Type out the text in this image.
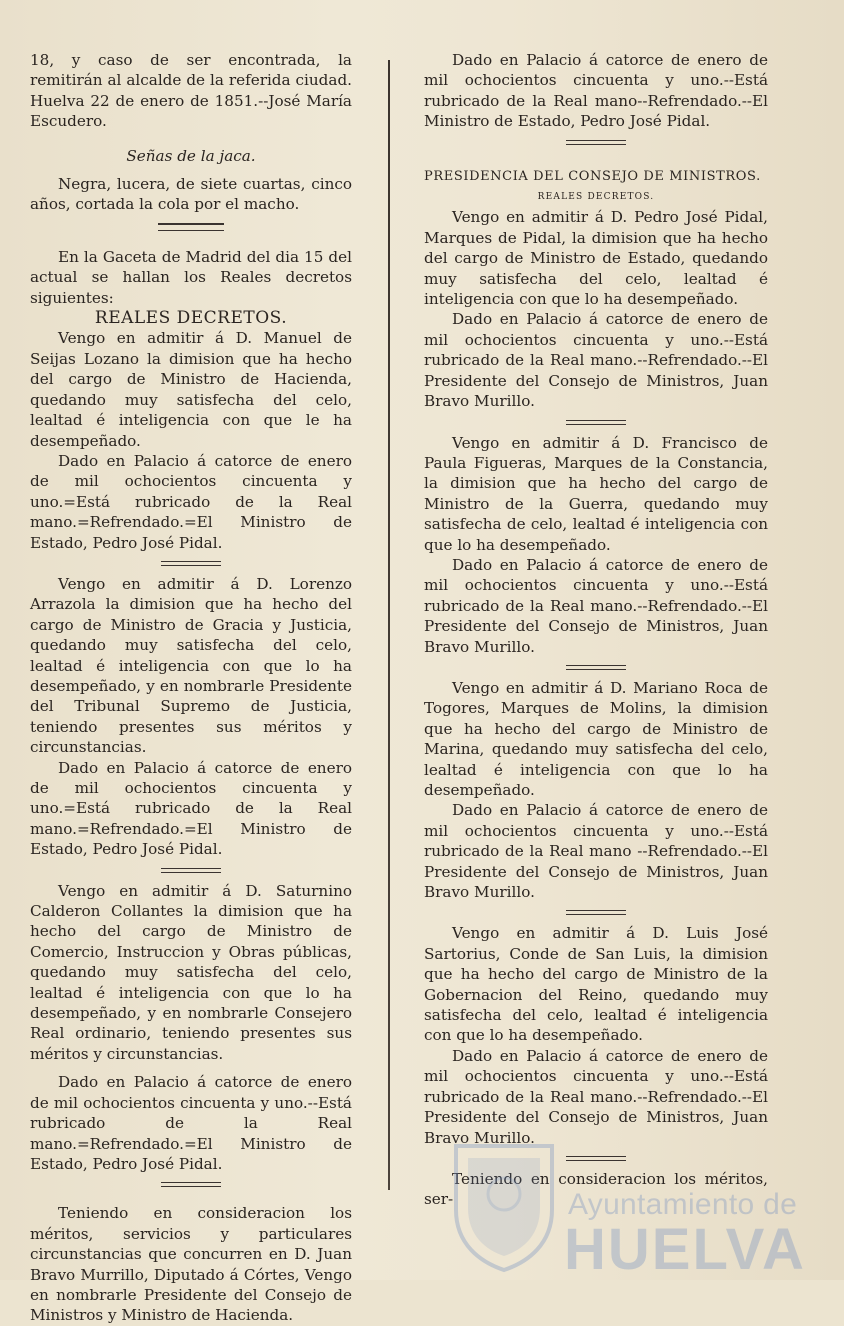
18, y caso de ser encontrada, la remitirán al alcalde de la referida ciudad. Huelva 22 de enero de 1851.--José María Escudero.

Señas de la jaca.

Negra, lucera, de siete cuartas, cinco años, cortada la cola por el macho.

En la Gaceta de Madrid del dia 15 del actual se hallan los Reales decretos siguientes:

REALES DECRETOS.

Vengo en admitir á D. Manuel de Seijas Lozano la dimision que ha hecho del cargo de Ministro de Hacienda, quedando muy satisfecha del celo, lealtad é inteligencia con que le ha desempeñado.

Dado en Palacio á catorce de enero de mil ochocientos cincuenta y uno.=Está rubricado de la Real mano.=Refrendado.=El Ministro de Estado, Pedro José Pidal.

Vengo en admitir á D. Lorenzo Arrazola la dimision que ha hecho del cargo de Ministro de Gracia y Justicia, quedando muy satisfecha del celo, lealtad é inteligencia con que lo ha desempeñado, y en nombrarle Presidente del Tribunal Supremo de Justicia, teniendo presentes sus méritos y circunstancias.

Dado en Palacio á catorce de enero de mil ochocientos cincuenta y uno.=Está rubricado de la Real mano.=Refrendado.=El Ministro de Estado, Pedro José Pidal.

Vengo en admitir á D. Saturnino Calderon Collantes la dimision que ha hecho del cargo de Ministro de Comercio, Instruccion y Obras públicas, quedando muy satisfecha del celo, lealtad é inteligencia con que lo ha desempeñado, y en nombrarle Consejero Real ordinario, teniendo presentes sus méritos y circunstancias.

Dado en Palacio á catorce de enero de mil ochocientos cincuenta y uno.--Está rubricado de la Real mano.=Refrendado.=El Ministro de Estado, Pedro José Pidal.

Teniendo en consideracion los méritos, servicios y particulares circunstancias que concurren en D. Juan Bravo Murrillo, Diputado á Córtes, Vengo en nombrarle Presidente del Consejo de Ministros y Ministro de Hacienda.

Dado en Palacio á catorce de enero de mil ochocientos cincuenta y uno.--Está rubricado de la Real mano--Refrendado.--El Ministro de Estado, Pedro José Pidal.

PRESIDENCIA DEL CONSEJO DE MINISTROS.

REALES DECRETOS.

Vengo en admitir á D. Pedro José Pidal, Marques de Pidal, la dimision que ha hecho del cargo de Ministro de Estado, quedando muy satisfecha del celo, lealtad é inteligencia con que lo ha desempeñado.

Dado en Palacio á catorce de enero de mil ochocientos cincuenta y uno.--Está rubricado de la Real mano.--Refrendado.--El Presidente del Consejo de Ministros, Juan Bravo Murillo.

Vengo en admitir á D. Francisco de Paula Figueras, Marques de la Constancia, la dimision que ha hecho del cargo de Ministro de la Guerra, quedando muy satisfecha de celo, lealtad é inteligencia con que lo ha desempeñado.

Dado en Palacio á catorce de enero de mil ochocientos cincuenta y uno.--Está rubricado de la Real mano.--Refrendado.--El Presidente del Consejo de Ministros, Juan Bravo Murillo.

Vengo en admitir á D. Mariano Roca de Togores, Marques de Molins, la dimision que ha hecho del cargo de Ministro de Marina, quedando muy satisfecha del celo, lealtad é inteligencia con que lo ha desempeñado.

Dado en Palacio á catorce de enero de mil ochocientos cincuenta y uno.--Está rubricado de la Real mano --Refrendado.--El Presidente del Consejo de Ministros, Juan Bravo Murillo.

Vengo en admitir á D. Luis José Sartorius, Conde de San Luis, la dimision que ha hecho del cargo de Ministro de la Gobernacion del Reino, quedando muy satisfecha del celo, lealtad é inteligencia con que lo ha desempeñado.

Dado en Palacio á catorce de enero de mil ochocientos cincuenta y uno.--Está rubricado de la Real mano.--Refrendado.--El Presidente del Consejo de Ministros, Juan Bravo Murillo.

Teniendo en consideracion los méritos, ser-	Ayuntamiento de
HUELVA
